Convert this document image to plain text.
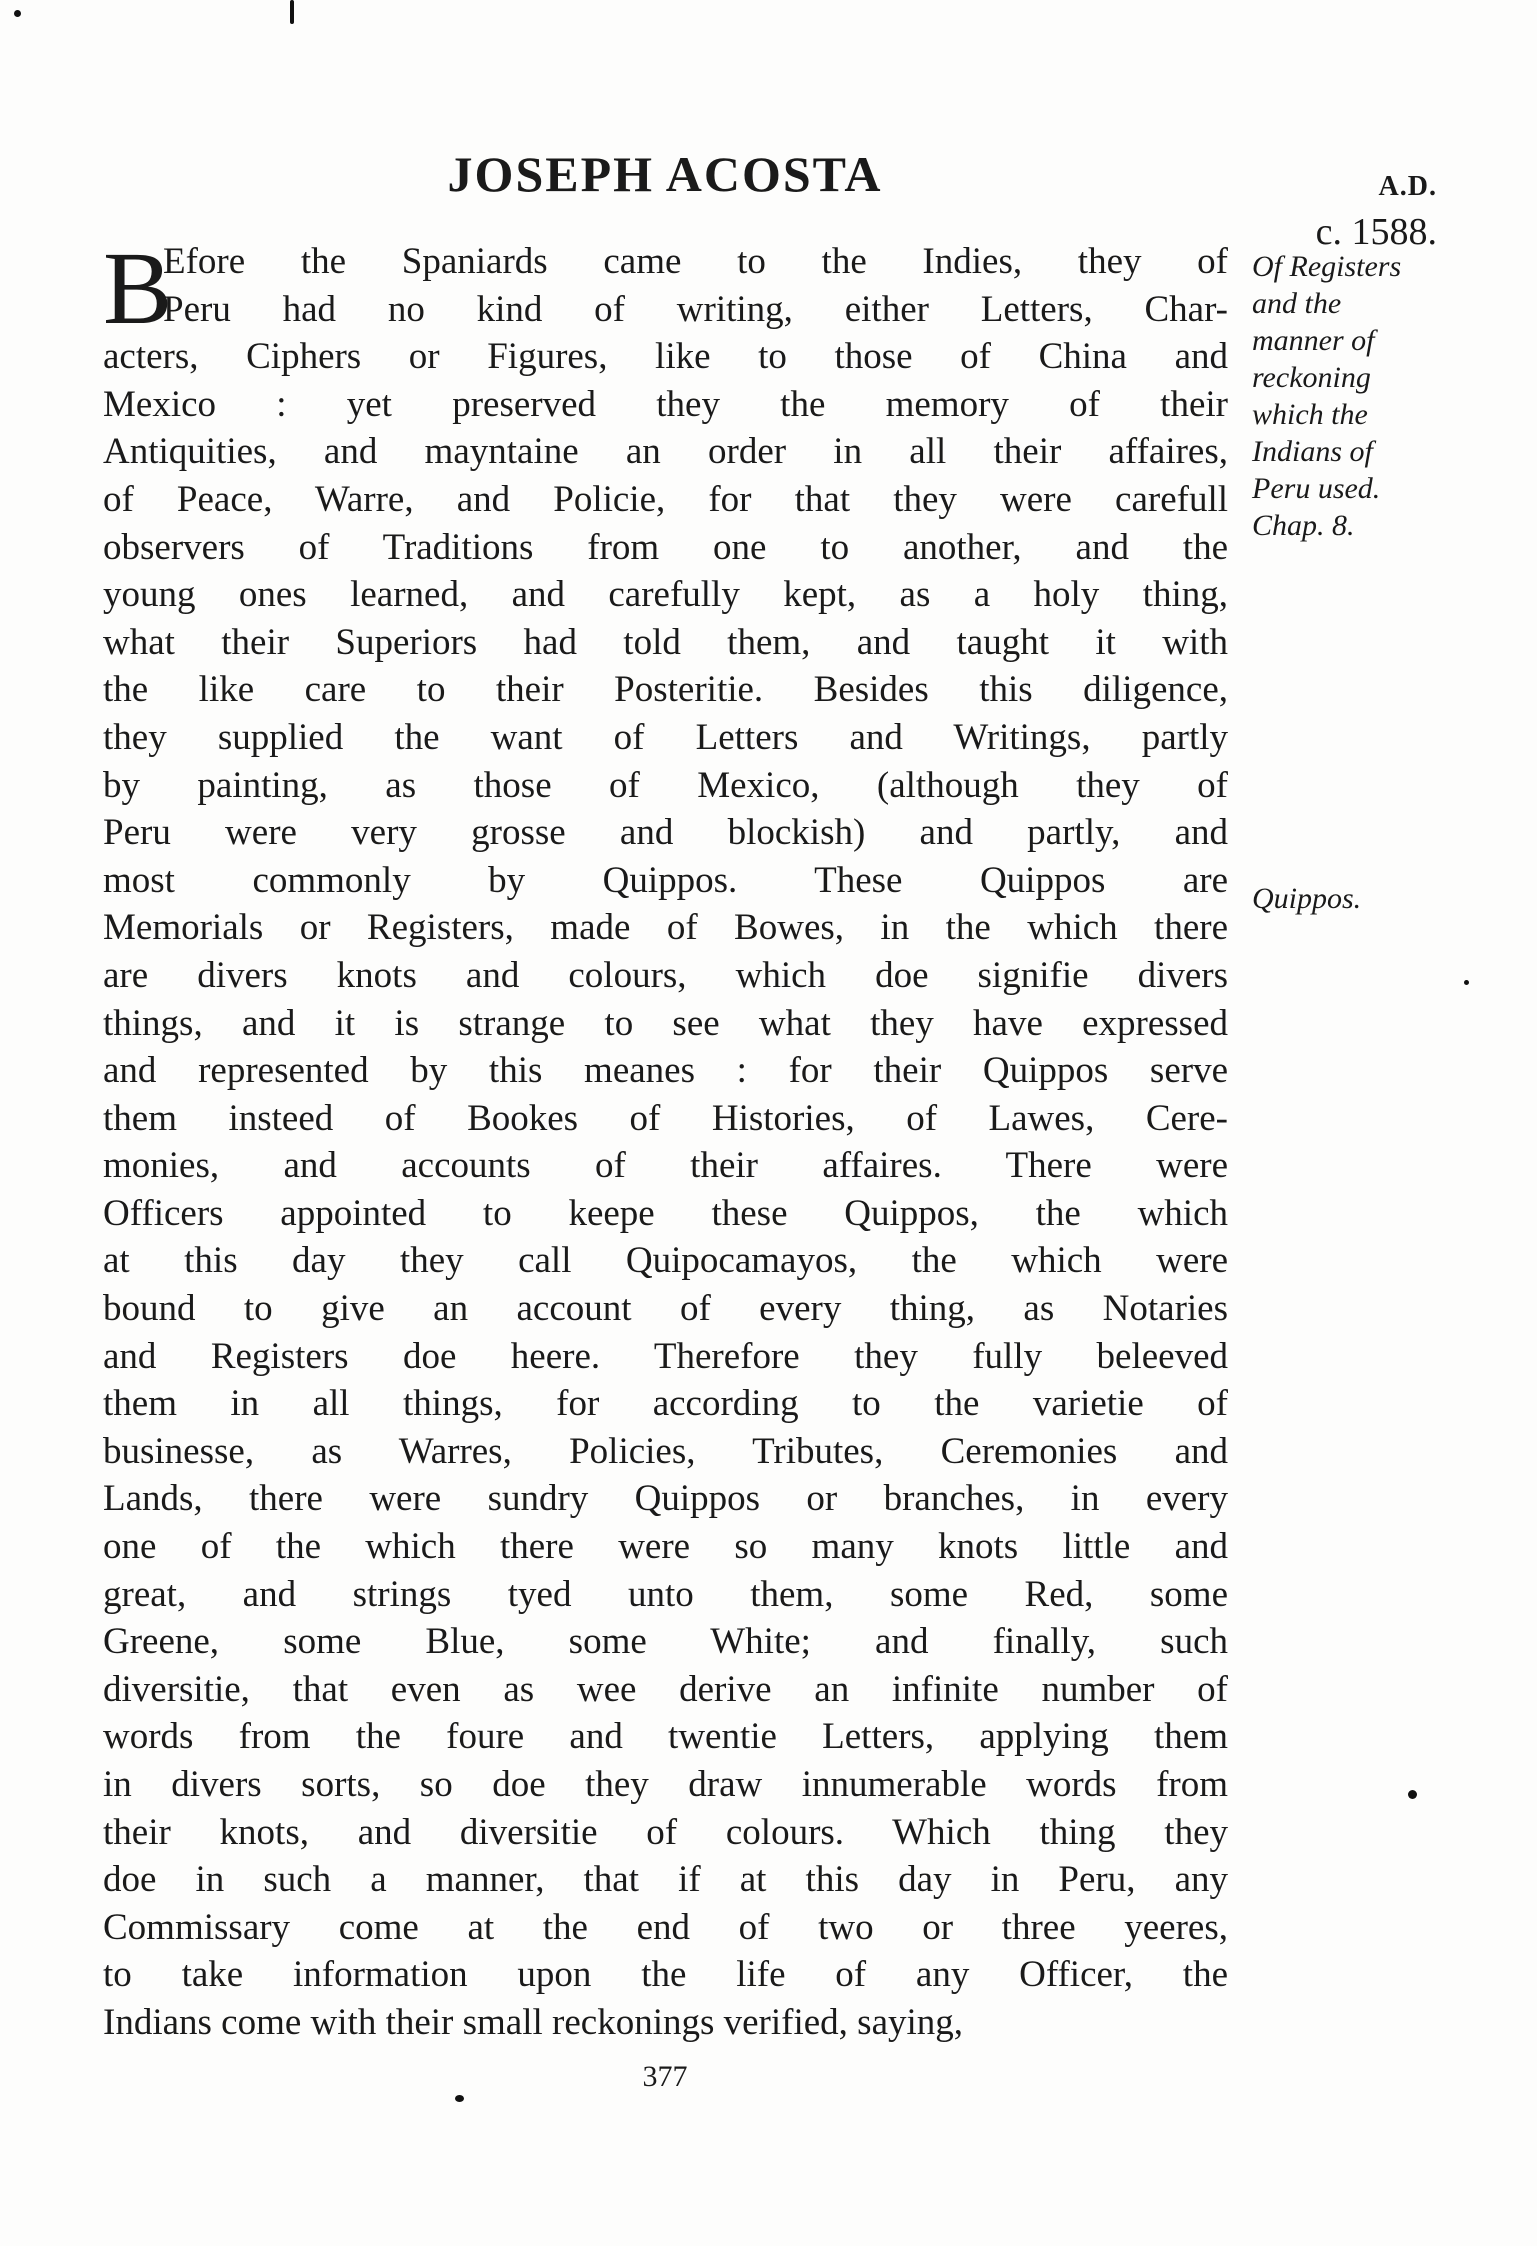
JOSEPH ACOSTA	A.D.
c. 1588.
B
Efore the Spaniards came to the Indies, they of
Peru had no kind of writing, either Letters, Char-
acters, Ciphers or Figures, like to those of China and
Mexico : yet preserved they the memory of their
Antiquities, and mayntaine an order in all their affaires,
of Peace, Warre, and Policie, for that they were carefull
observers of Traditions from one to another, and the
young ones learned, and carefully kept, as a holy thing,
what their Superiors had told them, and taught it with
the like care to their Posteritie. Besides this diligence,
they supplied the want of Letters and Writings, partly
by painting, as those of Mexico, (although they of
Peru were very grosse and blockish) and partly, and
most commonly by Quippos. These Quippos are
Memorials or Registers, made of Bowes, in the which there
are divers knots and colours, which doe signifie divers
things, and it is strange to see what they have expressed
and represented by this meanes : for their Quippos serve
them insteed of Bookes of Histories, of Lawes, Cere-
monies, and accounts of their affaires. There were
Officers appointed to keepe these Quippos, the which
at this day they call Quipocamayos, the which were
bound to give an account of every thing, as Notaries
and Registers doe heere. Therefore they fully beleeved
them in all things, for according to the varietie of
businesse, as Warres, Policies, Tributes, Ceremonies and
Lands, there were sundry Quippos or branches, in every
one of the which there were so many knots little and
great, and strings tyed unto them, some Red, some
Greene, some Blue, some White; and finally, such
diversitie, that even as wee derive an infinite number of
words from the foure and twentie Letters, applying them
in divers sorts, so doe they draw innumerable words from
their knots, and diversitie of colours. Which thing they
doe in such a manner, that if at this day in Peru, any
Commissary come at the end of two or three yeeres,
to take information upon the life of any Officer, the
Indians come with their small reckonings verified, saying,
Of Registers
and the
manner of
reckoning
which the
Indians of
Peru used.
Chap. 8.
Quippos.
377
